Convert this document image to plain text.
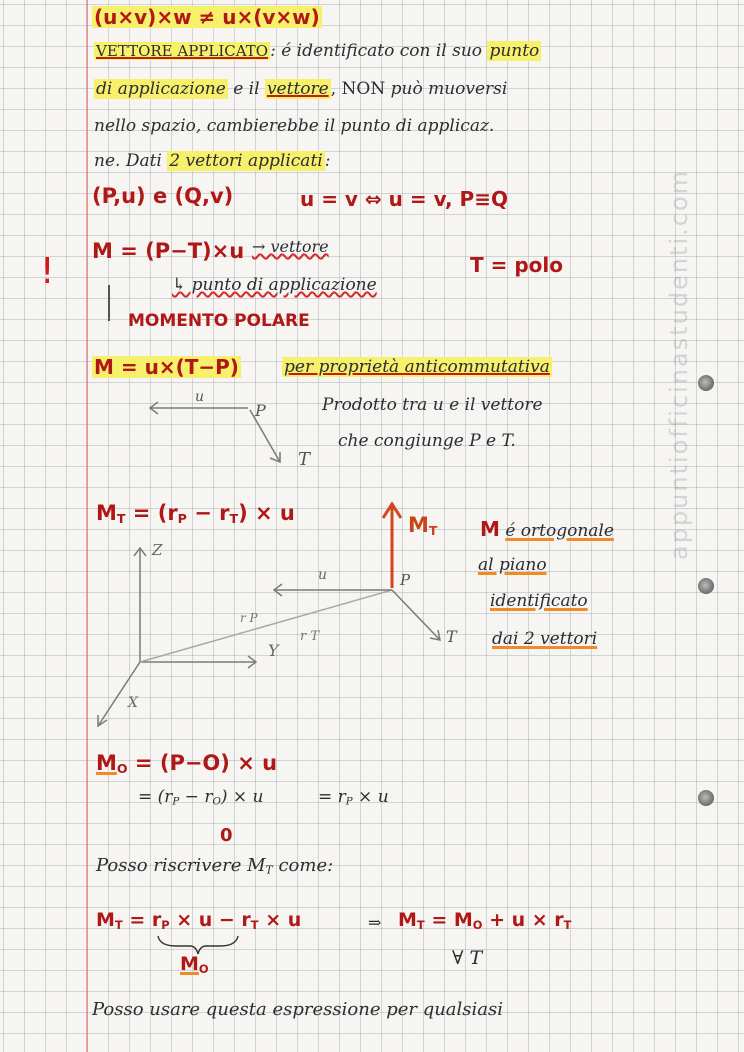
appuntiofficinastudenti.com
!
(u×v)×w ≠ u×(v×w)
VETTORE APPLICATO : é identificato con il suo punto
di applicazione e il vettore , NON può muoversi
nello spazio, cambierebbe il punto di applicaz.
ne. Dati 2 vettori applicati :
(P,u) e (Q,v)	u = v ⇔ u = v, P≡Q
M = (P−T)×u → vettore
T = polo
↳ punto di applicazione
MOMENTO POLARE
M = u×(T−P)	per proprietà anticommutativa
u
P
T
Prodotto tra u e il vettore
che congiunge P e T.
$M_T = (r_P - r_T) \times u$
Z
Y
X
u	P
T
r P
r T
$M_T$ M é ortogonale
al piano
identificato
dai 2 vettori
$M_O = (P-O) \times u$
= $(r_P - r_O) \times u$	= $r_P \times u$
0
Posso riscrivere $M_T$ come:
$M_T = r_P \times u - r_T \times u$	⇒ $M_T = M_O + u \times r_T$
$M_O$	∀ T
Posso usare questa espressione per qualsiasi
